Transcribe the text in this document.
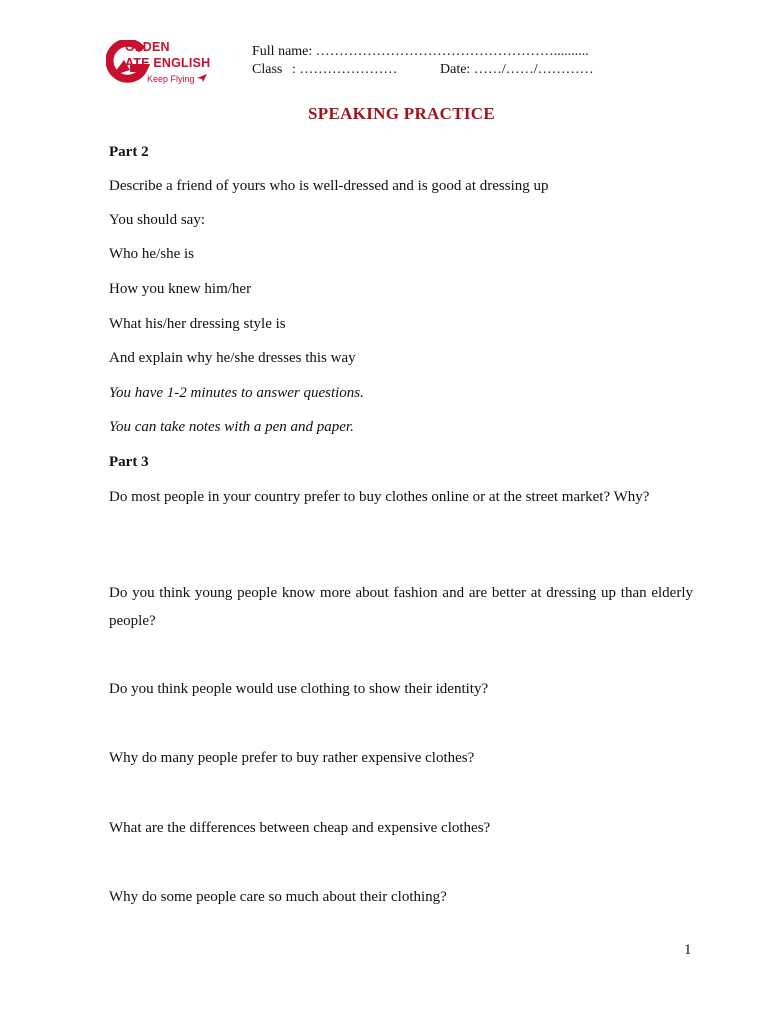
OLDEN
ATE ENGLISH
Keep Flying
Full name: ……………………………………………..........
Class : …………………	Date: ……/……/…………
SPEAKING PRACTICE
Part 2
Describe a friend of yours who is well-dressed and is good at dressing up
You should say:
Who he/she is
How you knew him/her
What his/her dressing style is
And explain why he/she dresses this way
You have 1-2 minutes to answer questions.
You can take notes with a pen and paper.
Part 3
Do most people in your country prefer to buy clothes online or at the street market? Why?
Do you think young people know more about fashion and are better at dressing up than elderly people?
Do you think people would use clothing to show their identity?
Why do many people prefer to buy rather expensive clothes?
What are the differences between cheap and expensive clothes?
Why do some people care so much about their clothing?
1
